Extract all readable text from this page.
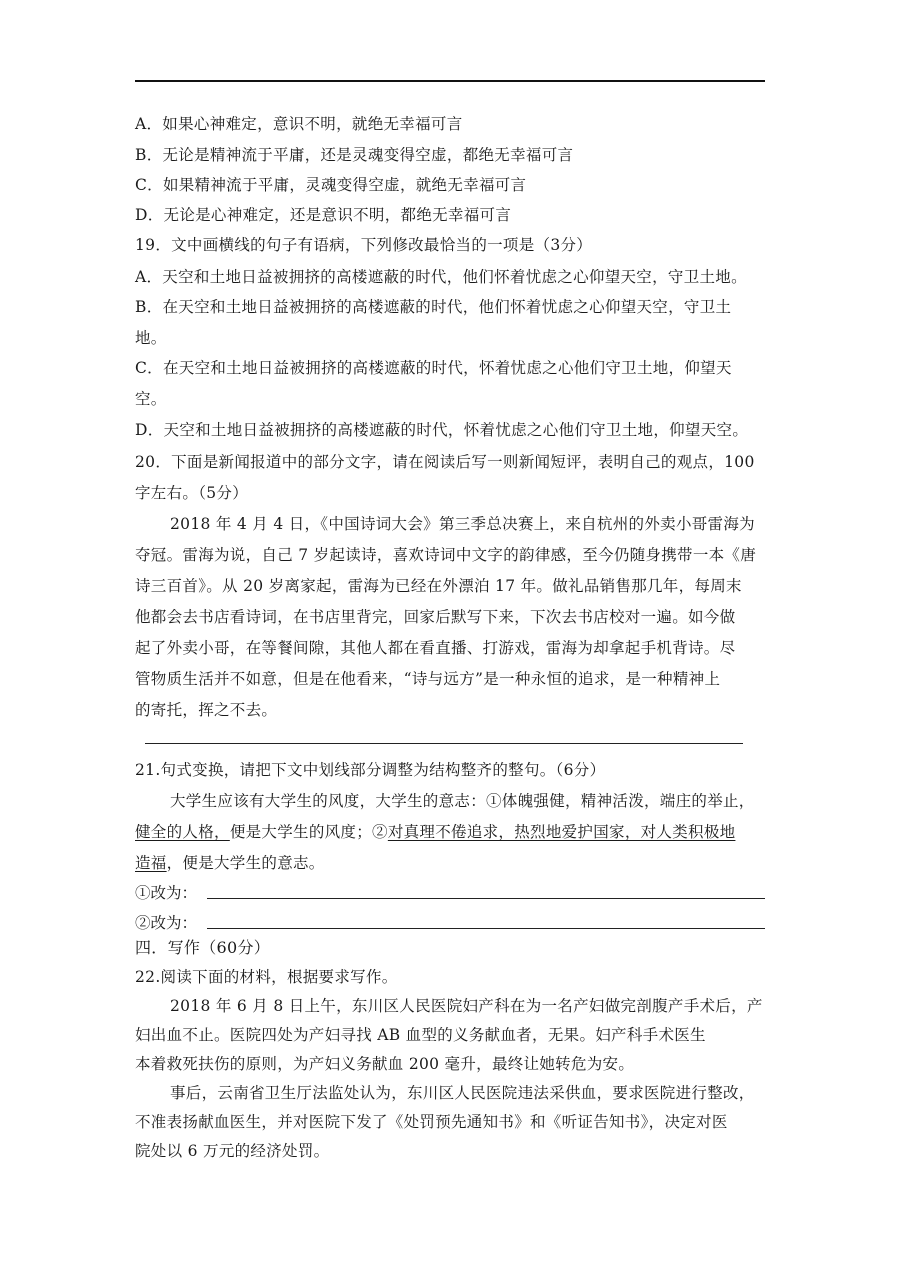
A．如果心神难定，意识不明，就绝无幸福可言
B．无论是精神流于平庸，还是灵魂变得空虚，都绝无幸福可言
C．如果精神流于平庸，灵魂变得空虚，就绝无幸福可言
D．无论是心神难定，还是意识不明，都绝无幸福可言
19．文中画横线的句子有语病，下列修改最恰当的一项是（3分）
A．天空和土地日益被拥挤的高楼遮蔽的时代，他们怀着忧虑之心仰望天空，守卫土地。
B．在天空和土地日益被拥挤的高楼遮蔽的时代，他们怀着忧虑之心仰望天空，守卫土
地。
C．在天空和土地日益被拥挤的高楼遮蔽的时代，怀着忧虑之心他们守卫土地，仰望天
空。
D．天空和土地日益被拥挤的高楼遮蔽的时代，怀着忧虑之心他们守卫土地，仰望天空。
20．下面是新闻报道中的部分文字，请在阅读后写一则新闻短评，表明自己的观点，100
字左右。（5分）
2018 年 4 月 4 日，《中国诗词大会》第三季总决赛上，来自杭州的外卖小哥雷海为
夺冠。雷海为说，自己 7 岁起读诗，喜欢诗词中文字的韵律感，至今仍随身携带一本《唐
诗三百首》。从 20 岁离家起，雷海为已经在外漂泊 17 年。做礼品销售那几年，每周末
他都会去书店看诗词，在书店里背完，回家后默写下来，下次去书店校对一遍。如今做
起了外卖小哥，在等餐间隙，其他人都在看直播、打游戏，雷海为却拿起手机背诗。尽
管物质生活并不如意，但是在他看来，“诗与远方”是一种永恒的追求，是一种精神上
的寄托，挥之不去。
21.句式变换，请把下文中划线部分调整为结构整齐的整句。（6分）
大学生应该有大学生的风度，大学生的意志：①体魄强健，精神活泼，端庄的举止，
健全的人格，便是大学生的风度；②对真理不倦追求，热烈地爱护国家，对人类积极地
造福，便是大学生的意志。
①改为：
②改为：
四．写作（60分）
22.阅读下面的材料，根据要求写作。
2018 年 6 月 8 日上午，东川区人民医院妇产科在为一名产妇做完剖腹产手术后，产
妇出血不止。医院四处为产妇寻找 AB 血型的义务献血者，无果。妇产科手术医生
本着救死扶伤的原则，为产妇义务献血 200 毫升，最终让她转危为安。
事后，云南省卫生厅法监处认为，东川区人民医院违法采供血，要求医院进行整改，
不准表扬献血医生，并对医院下发了《处罚预先通知书》和《听证告知书》，决定对医
院处以 6 万元的经济处罚。
